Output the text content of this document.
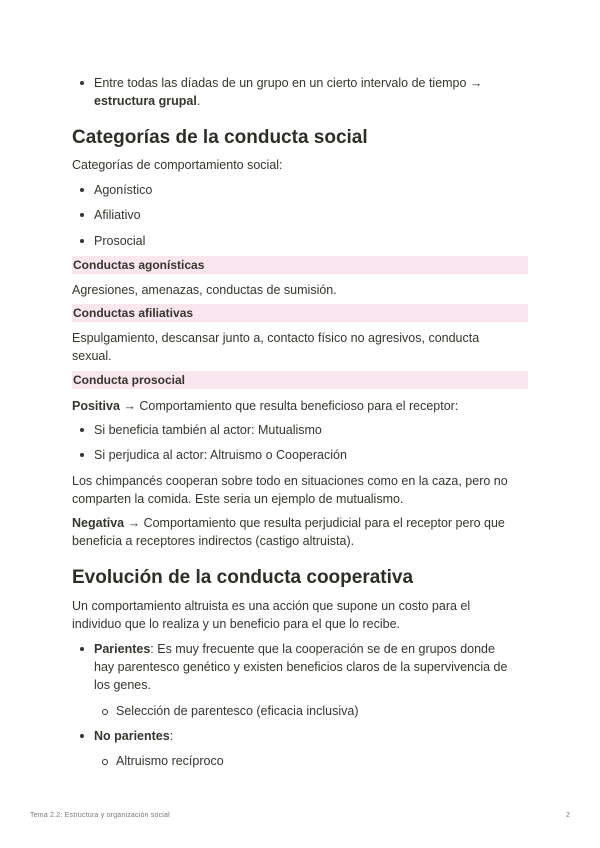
Entre todas las díadas de un grupo en un cierto intervalo de tiempo →
estructura grupal.
Categorías de la conducta social
Categorías de comportamiento social:
Agonístico
Afiliativo
Prosocial
Conductas agonísticas
Agresiones, amenazas, conductas de sumisión.
Conductas afiliativas
Espulgamiento, descansar junto a, contacto físico no agresivos, conducta
sexual.
Conducta prosocial
Positiva → Comportamiento que resulta beneficioso para el receptor:
Si beneficia también al actor: Mutualismo
Si perjudica al actor: Altruismo o Cooperación
Los chimpancés cooperan sobre todo en situaciones como en la caza, pero no
comparten la comida. Este seria un ejemplo de mutualismo.
Negativa → Comportamiento que resulta perjudicial para el receptor pero que
beneficia a receptores indirectos (castigo altruista).
Evolución de la conducta cooperativa
Un comportamiento altruista es una acción que supone un costo para el
individuo que lo realiza y un beneficio para el que lo recibe.
Parientes: Es muy frecuente que la cooperación se de en grupos donde
hay parentesco genético y existen beneficios claros de la supervivencia de
los genes.
Selección de parentesco (eficacia inclusiva)
No parientes:
Altruismo recíproco
Tema 2.2: Estructura y organización social	2
